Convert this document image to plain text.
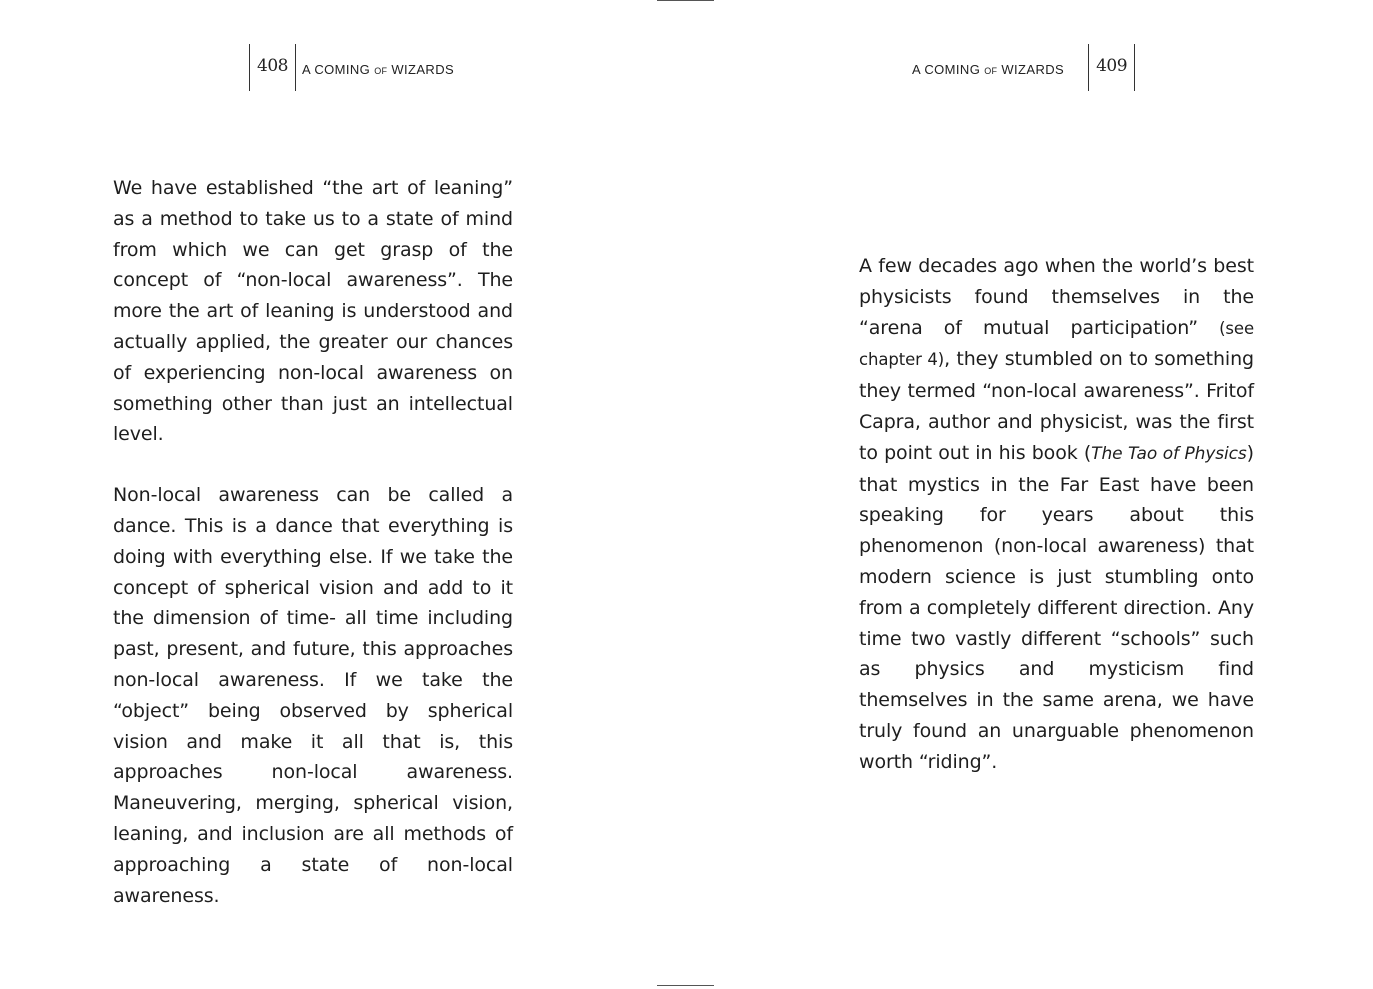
408	A COMING OF WIZARDS	A COMING OF WIZARDS	409

We have established “the art of leaning” as a method to take us to a state of mind from which we can get grasp of the concept of “non-local awareness”. The more the art of leaning is understood and actually applied, the greater our chances of experiencing non-local awareness on something other than just an intellectual level.

Non-local awareness can be called a dance. This is a dance that everything is doing with everything else. If we take the concept of spherical vision and add to it the dimension of time- all time including past, present, and future, this approaches non-local awareness. If we take the “object” being observed by spherical vision and make it all that is, this approaches non-local awareness. Maneuvering, merging, spherical vision, leaning, and inclusion are all methods of approaching a state of non-local awareness.

A few decades ago when the world’s best physicists found themselves in the “arena of mutual participation” (see chapter 4), they stumbled on to something they termed “non-local awareness”. Fritof Capra, author and physicist, was the first to point out in his book (The Tao of Physics) that mystics in the Far East have been speaking for years about this phenomenon (non-local awareness) that modern science is just stumbling onto from a completely different direction. Any time two vastly different “schools” such as physics and mysticism find themselves in the same arena, we have truly found an unarguable phenomenon worth “riding”.
